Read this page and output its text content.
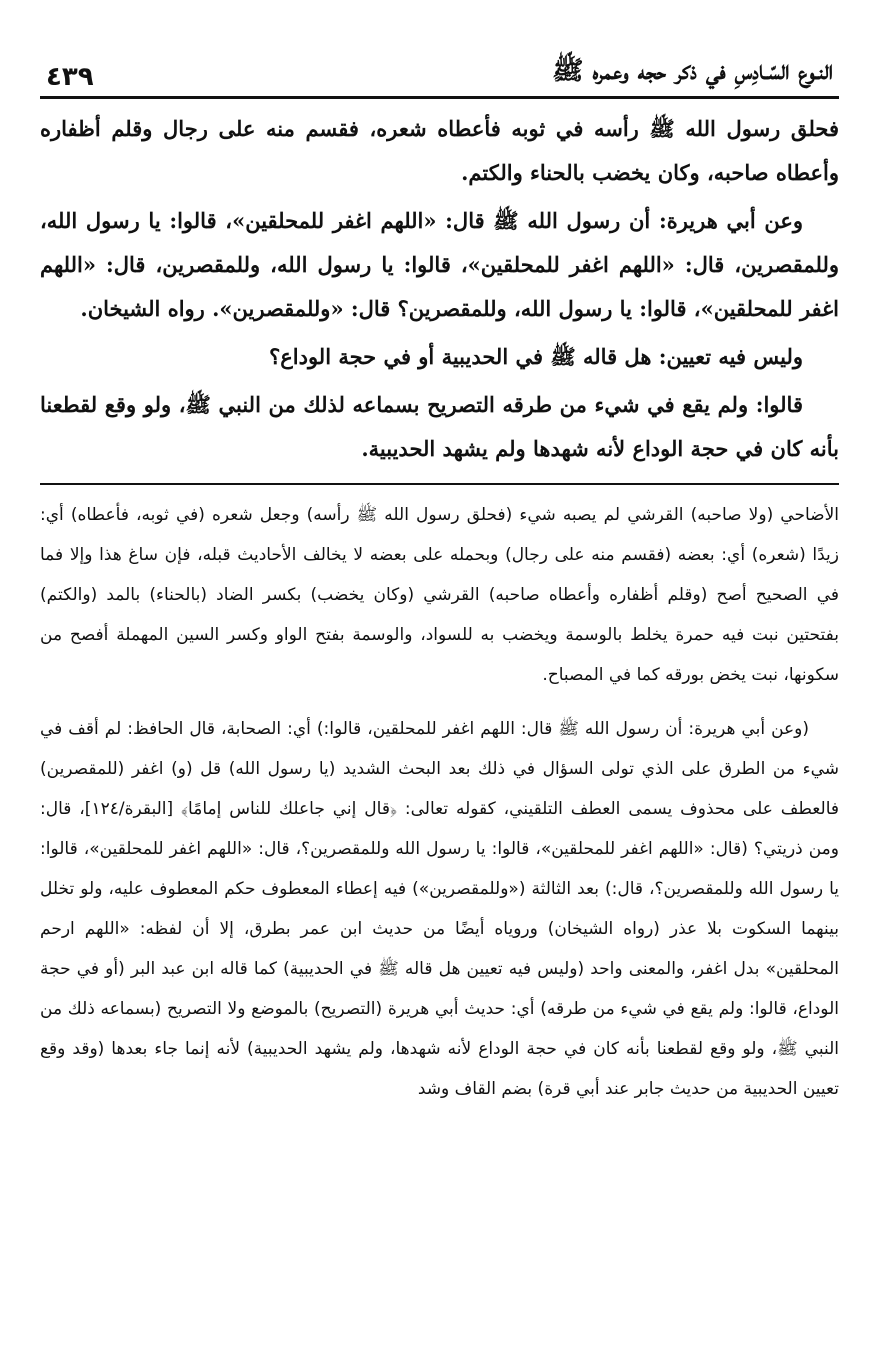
النـوع السّـادِسِ في ذكر حجه وعمره ﷺ
٤٣٩

فحلق رسول الله ﷺ رأسه في ثوبه فأعطاه شعره، فقسم منه على رجال وقلم أظفاره وأعطاه صاحبه، وكان يخضب بالحناء والكتم.

وعن أبي هريرة: أن رسول الله ﷺ قال: «اللهم اغفر للمحلقين»، قالوا: يا رسول الله، وللمقصرين، قال: «اللهم اغفر للمحلقين»، قالوا: يا رسول الله، وللمقصرين، قال: «اللهم اغفر للمحلقين»، قالوا: يا رسول الله، وللمقصرين؟ قال: «وللمقصرين». رواه الشيخان.

وليس فيه تعيين: هل قاله ﷺ في الحديبية أو في حجة الوداع؟

قالوا: ولم يقع في شيء من طرقه التصريح بسماعه لذلك من النبي ﷺ، ولو وقع لقطعنا بأنه كان في حجة الوداع لأنه شهدها ولم يشهد الحديبية.

الأضاحي (ولا صاحبه) القرشي لم يصبه شيء (فحلق رسول الله ﷺ رأسه) وجعل شعره (في ثوبه، فأعطاه) أي: زيدًا (شعره) أي: بعضه (فقسم منه على رجال) وبحمله على بعضه لا يخالف الأحاديث قبله، فإن ساغ هذا وإلا فما في الصحيح أصح (وقلم أظفاره وأعطاه صاحبه) القرشي (وكان يخضب) بكسر الضاد (بالحناء) بالمد (والكتم) بفتحتين نبت فيه حمرة يخلط بالوسمة ويخضب به للسواد، والوسمة بفتح الواو وكسر السين المهملة أفصح من سكونها، نبت يخض بورقه كما في المصباح.

(وعن أبي هريرة: أن رسول الله ﷺ قال: اللهم اغفر للمحلقين، قالوا:) أي: الصحابة، قال الحافظ: لم أقف في شيء من الطرق على الذي تولى السؤال في ذلك بعد البحث الشديد (يا رسول الله) قل (و) اغفر (للمقصرين) فالعطف على محذوف يسمى العطف التلقيني، كقوله تعالى: ﴿قال إني جاعلك للناس إمامًا﴾ [البقرة/١٢٤]، قال: ومن ذريتي؟ (قال: «اللهم اغفر للمحلقين»، قالوا: يا رسول الله وللمقصرين؟، قال: «اللهم اغفر للمحلقين»، قالوا: يا رسول الله وللمقصرين؟، قال:) بعد الثالثة («وللمقصرين») فيه إعطاء المعطوف حكم المعطوف عليه، ولو تخلل بينهما السكوت بلا عذر (رواه الشيخان) وروياه أيضًا من حديث ابن عمر بطرق، إلا أن لفظه: «اللهم ارحم المحلقين» بدل اغفر، والمعنى واحد (وليس فيه تعيين هل قاله ﷺ في الحديبية) كما قاله ابن عبد البر (أو في حجة الوداع، قالوا: ولم يقع في شيء من طرقه) أي: حديث أبي هريرة (التصريح) بالموضع ولا التصريح (بسماعه ذلك من النبي ﷺ، ولو وقع لقطعنا بأنه كان في حجة الوداع لأنه شهدها، ولم يشهد الحديبية) لأنه إنما جاء بعدها (وقد وقع تعيين الحديبية من حديث جابر عند أبي قرة) بضم القاف وشد
